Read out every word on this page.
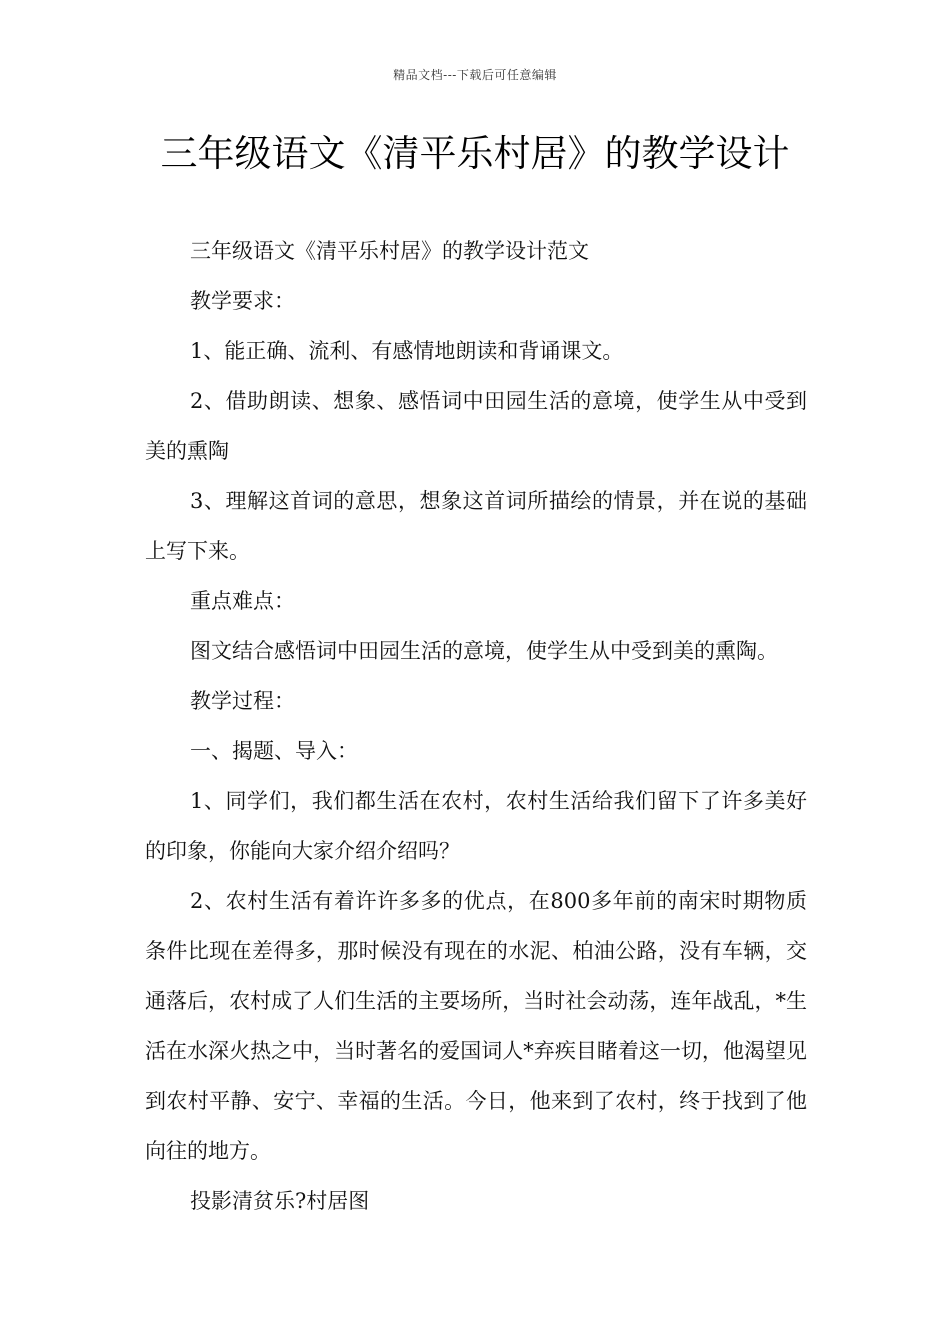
精品文档---下载后可任意编辑
三年级语文《清平乐村居》的教学设计

三年级语文《清平乐村居》的教学设计范文

教学要求：

1、能正确、流利、有感情地朗读和背诵课文。

2、借助朗读、想象、感悟词中田园生活的意境，使学生从中受到美的熏陶

3、理解这首词的意思，想象这首词所描绘的情景，并在说的基础上写下来。

重点难点：

图文结合感悟词中田园生活的意境，使学生从中受到美的熏陶。

教学过程：

一、揭题、导入：

1、同学们，我们都生活在农村，农村生活给我们留下了许多美好的印象，你能向大家介绍介绍吗？

2、农村生活有着许许多多的优点，在800多年前的南宋时期物质条件比现在差得多，那时候没有现在的水泥、柏油公路，没有车辆，交通落后，农村成了人们生活的主要场所，当时社会动荡，连年战乱，*生活在水深火热之中，当时著名的爱国词人*弃疾目睹着这一切，他渴望见到农村平静、安宁、幸福的生活。今日，他来到了农村，终于找到了他向往的地方。

投影清贫乐?村居图
